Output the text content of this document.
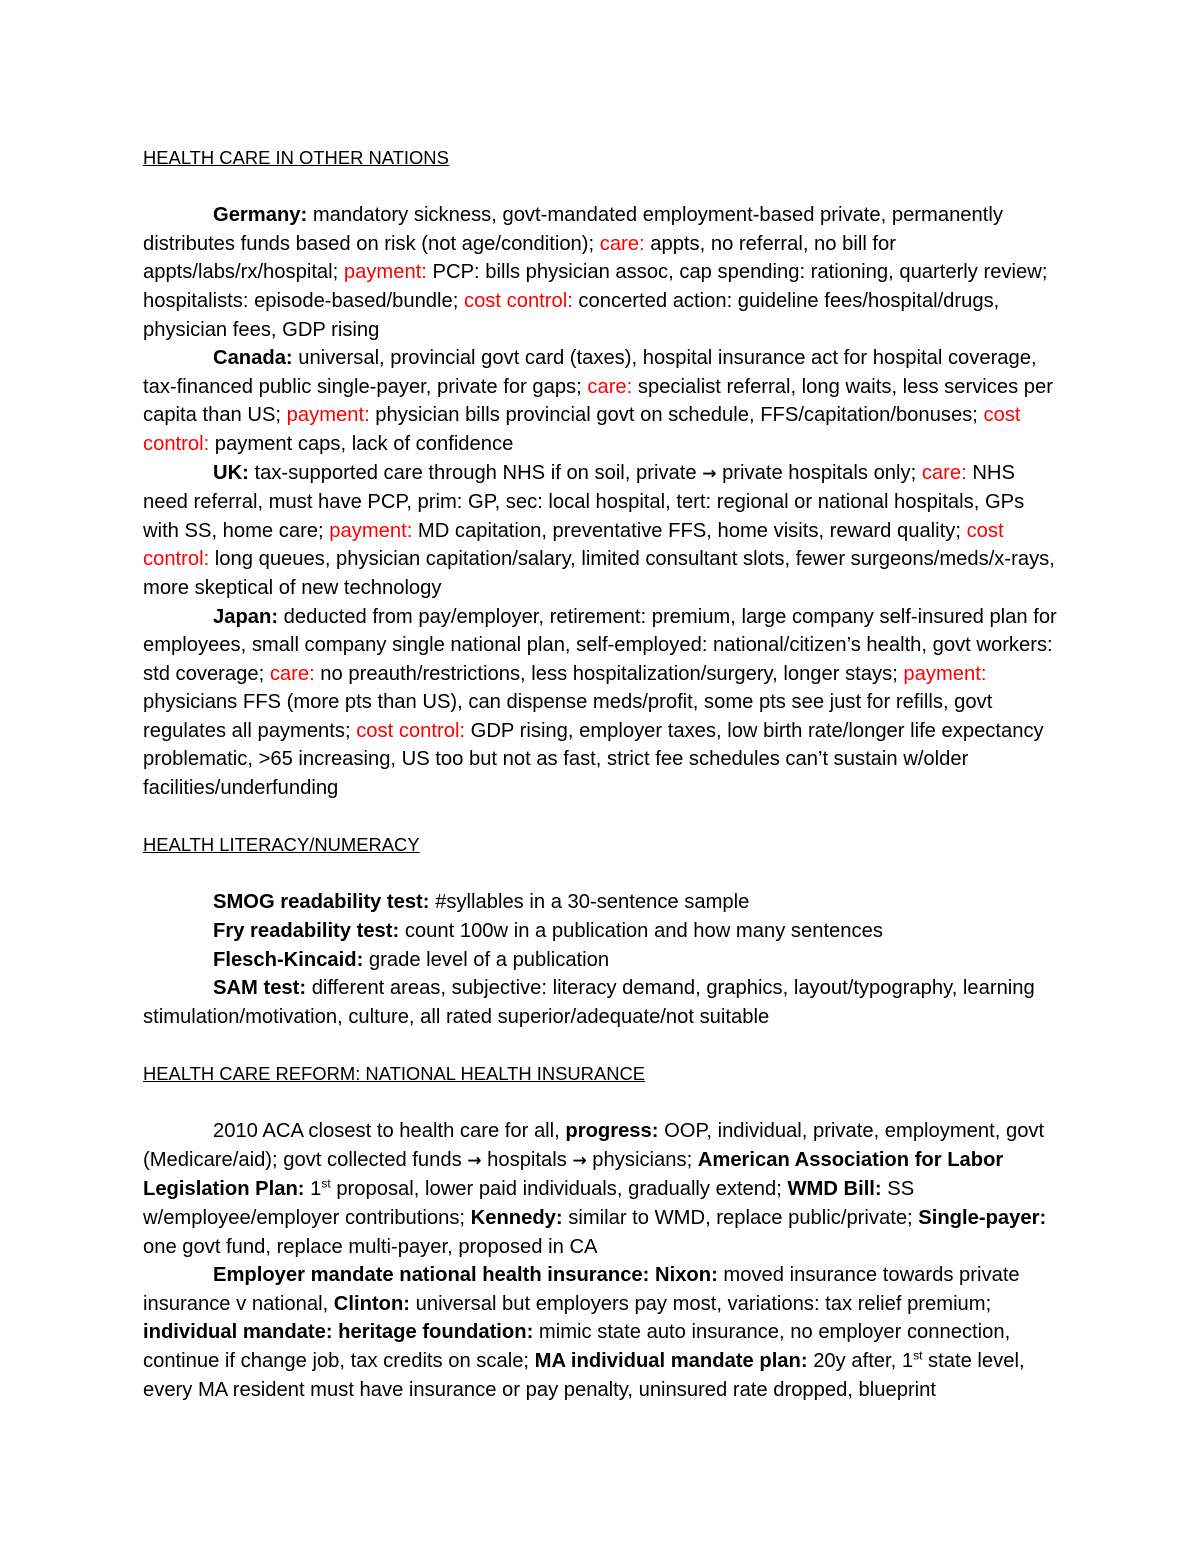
HEALTH CARE IN OTHER NATIONS

Germany: mandatory sickness, govt-mandated employment-based private, permanently distributes funds based on risk (not age/condition); care: appts, no referral, no bill for appts/labs/rx/hospital; payment: PCP: bills physician assoc, cap spending: rationing, quarterly review; hospitalists: episode-based/bundle; cost control: concerted action: guideline fees/hospital/drugs, physician fees, GDP rising

Canada: universal, provincial govt card (taxes), hospital insurance act for hospital coverage, tax-financed public single-payer, private for gaps; care: specialist referral, long waits, less services per capita than US; payment: physician bills provincial govt on schedule, FFS/capitation/bonuses; cost control: payment caps, lack of confidence

UK: tax-supported care through NHS if on soil, private → private hospitals only; care: NHS need referral, must have PCP, prim: GP, sec: local hospital, tert: regional or national hospitals, GPs with SS, home care; payment: MD capitation, preventative FFS, home visits, reward quality; cost control: long queues, physician capitation/salary, limited consultant slots, fewer surgeons/meds/x-rays, more skeptical of new technology

Japan: deducted from pay/employer, retirement: premium, large company self-insured plan for employees, small company single national plan, self-employed: national/citizen’s health, govt workers: std coverage; care: no preauth/restrictions, less hospitalization/surgery, longer stays; payment: physicians FFS (more pts than US), can dispense meds/profit, some pts see just for refills, govt regulates all payments; cost control: GDP rising, employer taxes, low birth rate/longer life expectancy problematic, >65 increasing, US too but not as fast, strict fee schedules can’t sustain w/older facilities/underfunding

HEALTH LITERACY/NUMERACY

SMOG readability test: #syllables in a 30-sentence sample

Fry readability test: count 100w in a publication and how many sentences

Flesch-Kincaid: grade level of a publication

SAM test: different areas, subjective: literacy demand, graphics, layout/typography, learning stimulation/motivation, culture, all rated superior/adequate/not suitable

HEALTH CARE REFORM: NATIONAL HEALTH INSURANCE

2010 ACA closest to health care for all, progress: OOP, individual, private, employment, govt (Medicare/aid); govt collected funds → hospitals → physicians; American Association for Labor Legislation Plan: 1st proposal, lower paid individuals, gradually extend; WMD Bill: SS w/employee/employer contributions; Kennedy: similar to WMD, replace public/private; Single-payer: one govt fund, replace multi-payer, proposed in CA

Employer mandate national health insurance: Nixon: moved insurance towards private insurance v national, Clinton: universal but employers pay most, variations: tax relief premium; individual mandate: heritage foundation: mimic state auto insurance, no employer connection, continue if change job, tax credits on scale; MA individual mandate plan: 20y after, 1st state level, every MA resident must have insurance or pay penalty, uninsured rate dropped, blueprint
